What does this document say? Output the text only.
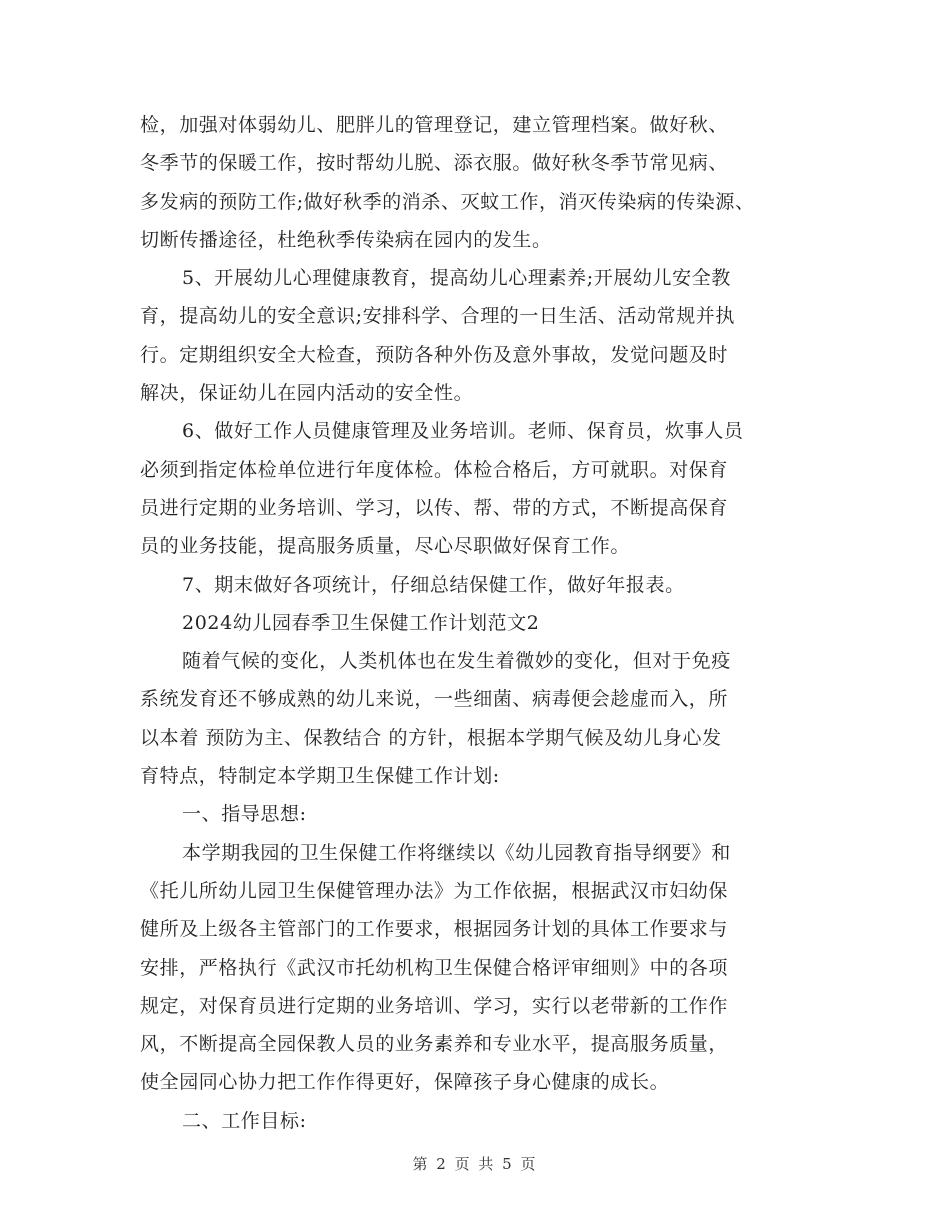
检，加强对体弱幼儿、肥胖儿的管理登记，建立管理档案。做好秋、
冬季节的保暖工作，按时帮幼儿脱、添衣服。做好秋冬季节常见病、
多发病的预防工作;做好秋季的消杀、灭蚊工作，消灭传染病的传染源、
切断传播途径，杜绝秋季传染病在园内的发生。
5、开展幼儿心理健康教育，提高幼儿心理素养;开展幼儿安全教
育，提高幼儿的安全意识;安排科学、合理的一日生活、活动常规并执
行。定期组织安全大检查，预防各种外伤及意外事故，发觉问题及时
解决，保证幼儿在园内活动的安全性。
6、做好工作人员健康管理及业务培训。老师、保育员，炊事人员
必须到指定体检单位进行年度体检。体检合格后，方可就职。对保育
员进行定期的业务培训、学习，以传、帮、带的方式，不断提高保育
员的业务技能，提高服务质量，尽心尽职做好保育工作。
7、期末做好各项统计，仔细总结保健工作，做好年报表。
2024幼儿园春季卫生保健工作计划范文2
随着气候的变化，人类机体也在发生着微妙的变化，但对于免疫
系统发育还不够成熟的幼儿来说，一些细菌、病毒便会趁虚而入，所
以本着 预防为主、保教结合 的方针，根据本学期气候及幼儿身心发
育特点，特制定本学期卫生保健工作计划:
一、指导思想:
本学期我园的卫生保健工作将继续以《幼儿园教育指导纲要》和
《托儿所幼儿园卫生保健管理办法》为工作依据，根据武汉市妇幼保
健所及上级各主管部门的工作要求，根据园务计划的具体工作要求与
安排，严格执行《武汉市托幼机构卫生保健合格评审细则》中的各项
规定，对保育员进行定期的业务培训、学习，实行以老带新的工作作
风，不断提高全园保教人员的业务素养和专业水平，提高服务质量，
使全园同心协力把工作作得更好，保障孩子身心健康的成长。
二、工作目标:
第 2 页 共 5 页
